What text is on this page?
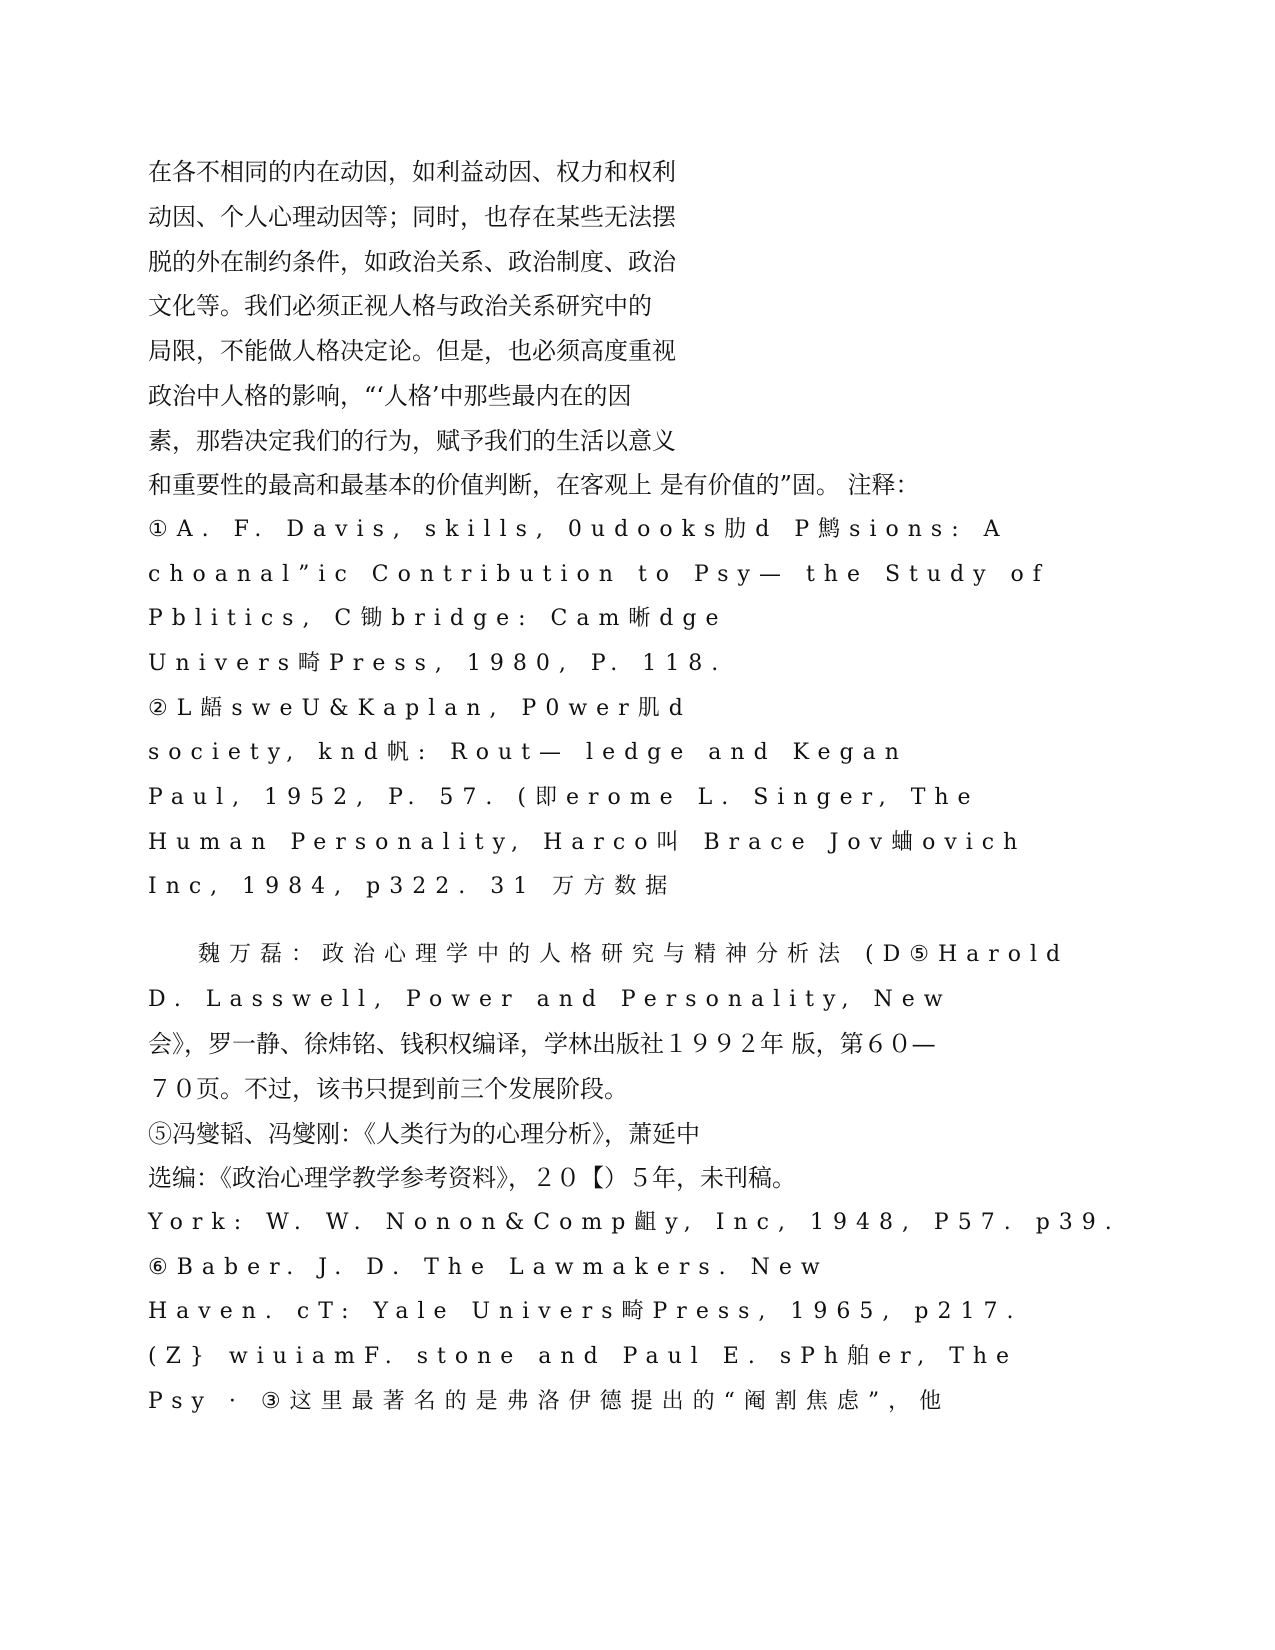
在各不相同的内在动因，如利益动因、权力和权利
动因、个人心理动因等；同时，也存在某些无法摆
脱的外在制约条件，如政治关系、政治制度、政治
文化等。我们必须正视人格与政治关系研究中的
局限，不能做人格决定论。但是，也必须高度重视
政治中人格的影响，“‘人格’中那些最内在的因
素，那砦决定我们的行为，赋予我们的生活以意义
和重要性的最高和最基本的价值判断，在客观上 是有价值的”固。 注释：
①A. F. Davis, skills, 0udooks肋d P鹪sions: A
choanal”ic Contribution to Psy— the Study of
Pblitics, C锄bridge: Cam晰dge
Univers畸Press, 1980, P. 118.
②L龉sweU&Kaplan, P0wer肌d
society, knd帆: Rout— ledge and Kegan
Paul, 1952, P. 57. (即erome L. Singer, The
Human Personality, Harco叫 Brace Jov蛐ovich
Inc, 1984, p322. 31 万方数据
魏万磊：政治心理学中的人格研究与精神分析法 (D⑤Harold
D. Lasswell, Power and Personality, New
会》，罗一静、徐炜铭、钱积权编译，学林出版社１９９２年 版，第６０—
７０页。不过，该书只提到前三个发展阶段。
⑤冯燮韬、冯燮刚：《人类行为的心理分析》，萧延中
选编：《政治心理学教学参考资料》，２０【）５年，未刊稿。
York: W. W. Nonon&Comp齟y, Inc, 1948, P57. p39.
⑥Baber. J. D. The Lawmakers. New
Haven. cT: Yale Univers畸Press, 1965, p217.
(Z} wiuiamF. stone and Paul E. sPh舶er, The
Psy · ③这里最著名的是弗洛伊德提出的“阉割焦虑”，他
